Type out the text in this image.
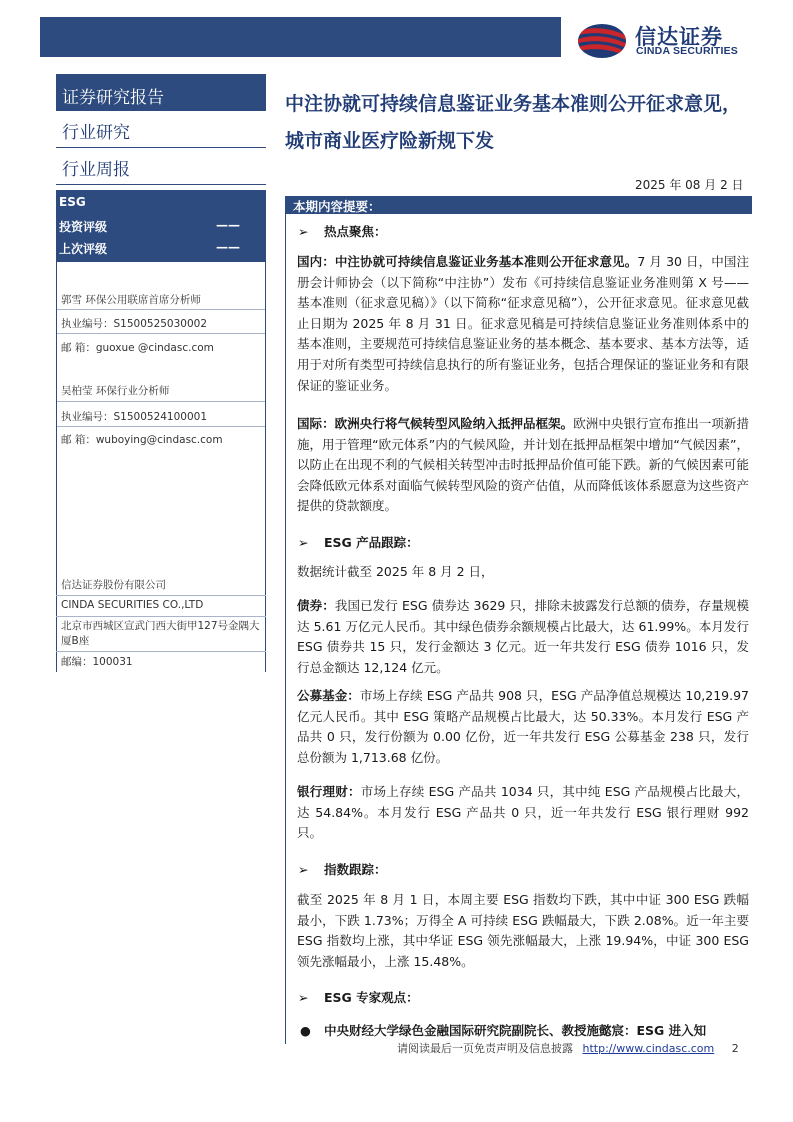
信达证券
CINDA SECURITIES
证券研究报告
行业研究
行业周报
ESG
投资评级	——
上次评级	——
郭雪 环保公用联席首席分析师
执业编号：S1500525030002
邮 箱：guoxue @cindasc.com
吴柏莹 环保行业分析师
执业编号：S1500524100001
邮 箱：wuboying@cindasc.com
信达证券股份有限公司
CINDA SECURITIES CO.,LTD
北京市西城区宣武门西大街甲127号金隅大厦B座
邮编：100031
中注协就可持续信息鉴证业务基本准则公开征求意见，城市商业医疗险新规下发
2025 年 08 月 2 日
本期内容提要：
➢ 热点聚焦：
国内：中注协就可持续信息鉴证业务基本准则公开征求意见。7 月 30 日，中国注册会计师协会（以下简称“中注协”）发布《可持续信息鉴证业务准则第 X 号——基本准则（征求意见稿）》（以下简称“征求意见稿”），公开征求意见。征求意见截止日期为 2025 年 8 月 31 日。征求意见稿是可持续信息鉴证业务准则体系中的基本准则，主要规范可持续信息鉴证业务的基本概念、基本要求、基本方法等，适用于对所有类型可持续信息执行的所有鉴证业务，包括合理保证的鉴证业务和有限保证的鉴证业务。
国际：欧洲央行将气候转型风险纳入抵押品框架。欧洲中央银行宣布推出一项新措施，用于管理“欧元体系”内的气候风险，并计划在抵押品框架中增加“气候因素”，以防止在出现不利的气候相关转型冲击时抵押品价值可能下跌。新的气候因素可能会降低欧元体系对面临气候转型风险的资产估值，从而降低该体系愿意为这些资产提供的贷款额度。
➢ ESG 产品跟踪：
数据统计截至 2025 年 8 月 2 日，
债券：我国已发行 ESG 债券达 3629 只，排除未披露发行总额的债券，存量规模达 5.61 万亿元人民币。其中绿色债券余额规模占比最大，达 61.99%。本月发行 ESG 债券共 15 只，发行金额达 3 亿元。近一年共发行 ESG 债券 1016 只，发行总金额达 12,124 亿元。
公募基金：市场上存续 ESG 产品共 908 只，ESG 产品净值总规模达 10,219.97 亿元人民币。其中 ESG 策略产品规模占比最大，达 50.33%。本月发行 ESG 产品共 0 只，发行份额为 0.00 亿份，近一年共发行 ESG 公募基金 238 只，发行总份额为 1,713.68 亿份。
银行理财：市场上存续 ESG 产品共 1034 只，其中纯 ESG 产品规模占比最大，达 54.84%。本月发行 ESG 产品共 0 只，近一年共发行 ESG 银行理财 992 只。
➢ 指数跟踪：
截至 2025 年 8 月 1 日，本周主要 ESG 指数均下跌，其中中证 300 ESG 跌幅最小，下跌 1.73%；万得全 A 可持续 ESG 跌幅最大，下跌 2.08%。近一年主要 ESG 指数均上涨，其中华证 ESG 领先涨幅最大，上涨 19.94%，中证 300 ESG 领先涨幅最小，上涨 15.48%。
➢ ESG 专家观点：
● 中央财经大学绿色金融国际研究院副院长、教授施懿宸：ESG 进入知
请阅读最后一页免责声明及信息披露 http://www.cindasc.com 2
